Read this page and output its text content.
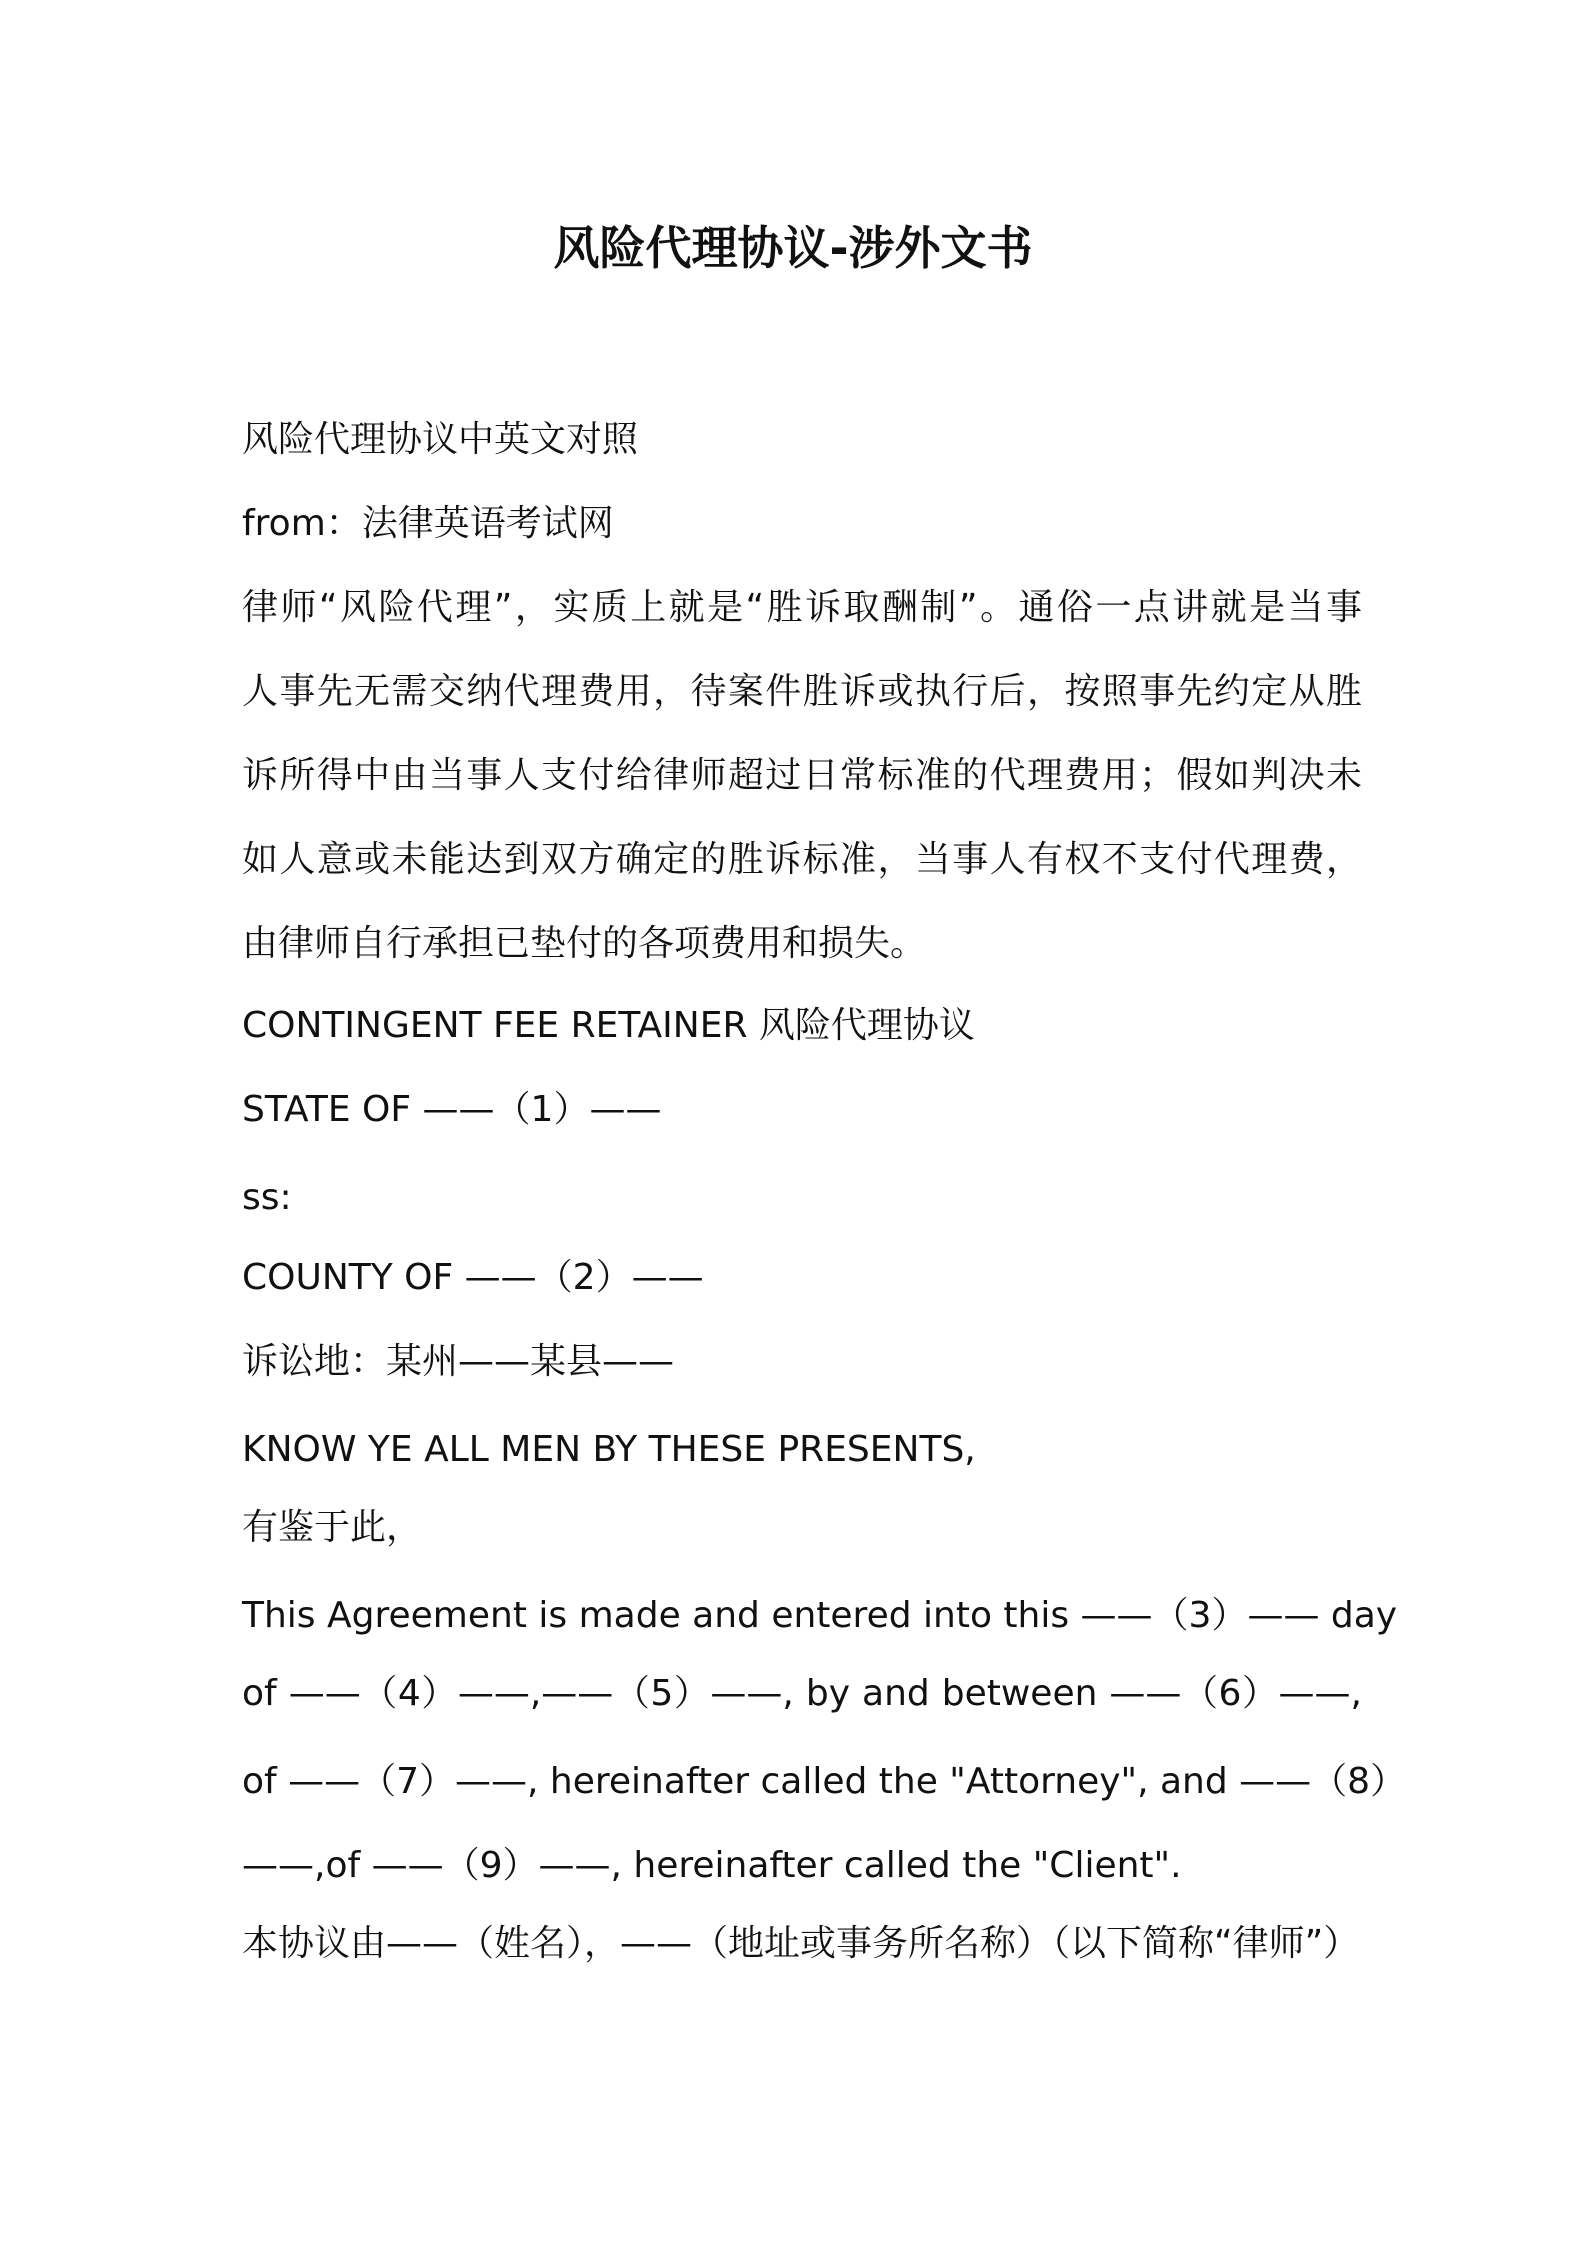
风险代理协议-涉外文书
风险代理协议中英文对照
from：法律英语考试网
律师“风险代理”，实质上就是“胜诉取酬制”。通俗一点讲就是当事
人事先无需交纳代理费用，待案件胜诉或执行后，按照事先约定从胜
诉所得中由当事人支付给律师超过日常标准的代理费用；假如判决未
如人意或未能达到双方确定的胜诉标准，当事人有权不支付代理费，
由律师自行承担已垫付的各项费用和损失。
CONTINGENT FEE RETAINER 风险代理协议
STATE OF ——（1）——
ss:
COUNTY OF ——（2）——
诉讼地：某州——某县——
KNOW YE ALL MEN BY THESE PRESENTS,
有鉴于此，
This Agreement is made and entered into this ——（3）—— day
of ——（4）——,——（5）——, by and between ——（6）——,
of ——（7）——, hereinafter called the "Attorney", and ——（8）
——,of ——（9）——, hereinafter called the "Client".
本协议由——（姓名），——（地址或事务所名称）（以下简称“律师”）
